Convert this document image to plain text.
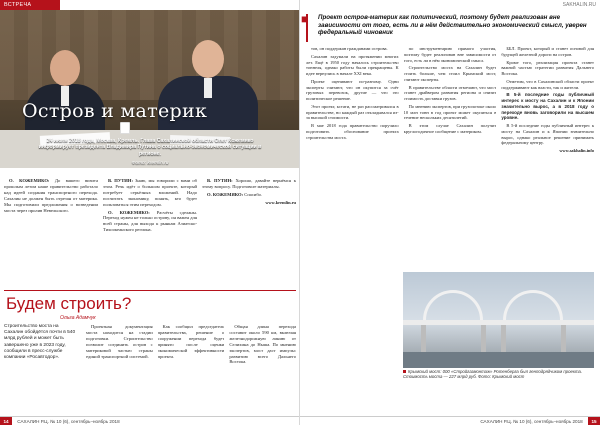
ВСТРЕЧА
Остров и материк
24 июля 2018 года, Москва, Кремль. Глава Сахалинской области Олег Кожемяко информирует президента Владимира Путина о социально-экономической ситуации в регионе.
Фото: kremlin.ru

О. КОЖЕМЯКО: До вашего визита прошлым летом наше правительство работало над идеей создания транспортного перехода. Сахалин не должен быть отрезан от материка. Мы подготовили предложения о возведении моста через пролив Невельского.

В. ПУТИН: Знаю, мы говорили с вами об этом. Речь идёт о большом проекте, который потребует серьёзных вложений. Надо посчитать экономику, понять, кто будет пользоваться этим переходом.

О. КОЖЕМЯКО: Расчёты сделаны. Переход нужен не только острову, он важен для всей страны, для выхода к рынкам Азиатско-Тихоокеанского региона.

В. ПУТИН: Хорошо, давайте вернёмся к этому вопросу. Подготовьте материалы.

О. КОЖЕМЯКО: Спасибо.

www.kremlin.ru
Будем строить?
Ольга Адамчук
Строительство моста на Сахалин обойдётся почти в 540 млрд рублей и может быть завершено уже в 2023 году, сообщили в пресс-службе компании «Росавтодор».

Проектная документация моста находится на стадии подготовки. Строительство позволит соединить остров с материковой частью страны единой транспортной системой.

Как сообщил председатель правительства, решение о сооружении перехода будет принято после оценки экономической эффективности проекта.

Общая длина перехода составит около 590 км, включая железнодорожную линию от Селихина до Ныша. По мнению экспертов, мост даст импульс развитию всего Дальнего Востока.

14 САХАЛИН Р.Ц. № 10 (6), сентябрь–ноябрь 2018
SAKHALIN.RU
■	Проект остров-материк как политический, поэтому будет реализован вне зависимости от того, есть ли в нём действительно экономический смысл, уверен федеральный чиновник

тов, он поддержан гражданами острова.

Сахалин задумали на протяжении многих лет. Ещё в 1950 году началось строительство тоннеля, однако работы были прекращены. К идее вернулись в начале XXI века.

Проект оценивают по-разному. Одни эксперты считают, что он окупится за счёт грузовых перевозок, другие — что это политическое решение.

Этот проект, кстати, не раз рассматривался в правительстве, но каждый раз откладывался из-за высокой стоимости.

В мае 2018 года правительство поручило подготовить обоснование проекта строительства моста.

по инструментарию прямого участия, поэтому будет реализован вне зависимости от того, есть ли в нём экономический смысл.

Строительство моста на Сахалин будет стоить больше, чем стоил Крымский мост, считают эксперты.

В правительстве области отмечают, что мост станет драйвером развития региона и снизит стоимость доставки грузов.

По мнению экспертов, при грузопотоке около 10 млн тонн в год проект может окупиться в течение нескольких десятилетий.

В этом случае Сахалин получит круглогодичное сообщение с материком.

ББЛ. Проект, который и станет основой для будущей железной дороги на остров.

Кроме того, реализация проекта станет важной частью стратегии развития Дальнего Востока.

Отметим, что в Сахалинской области проект поддерживают как власти, так и жители.

В 5-й последние годы публичный интерес к мосту на Сахалин и к Японии значительно вырос, а в 2018 году о переходе вновь заговорили на высшем уровне.

В 5-й последние годы публичный интерес к мосту на Сахалин и к Японии значительно вырос, однако реальное решение принимать федеральному центру.

www.sakhalin.info
Крымский мост: 000 «Стройгазмонтаж» Ротенберга был генподрядчиком проекта. Стоимость моста — 227 млрд руб. Фото: Крымский мост
САХАЛИН Р.Ц. № 10 (6), сентябрь–ноябрь 2018 15
